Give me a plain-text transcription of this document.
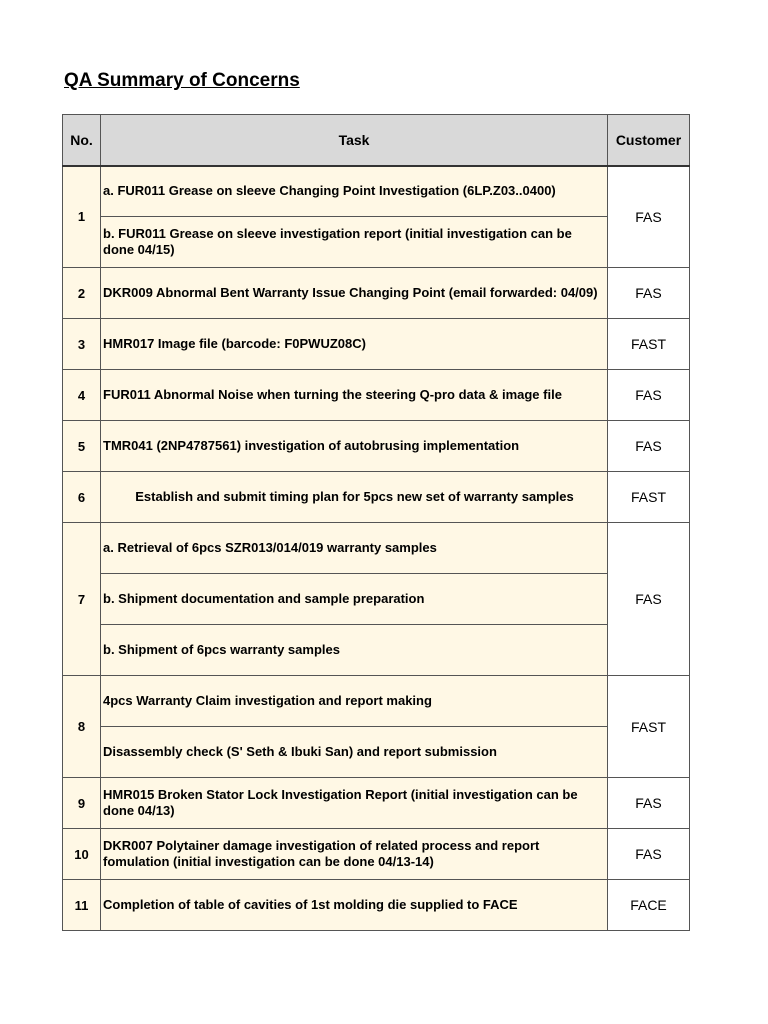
QA Summary of Concerns
No.	Task	Customer
1	a. FUR011 Grease on sleeve Changing Point Investigation (6LP.Z03..0400)	FAS
	b. FUR011 Grease on sleeve investigation report (initial investigation can be done 04/15)	
2	DKR009 Abnormal Bent Warranty Issue Changing Point (email forwarded: 04/09)	FAS
3	HMR017 Image file (barcode: F0PWUZ08C)	FAST
4	FUR011 Abnormal Noise when turning the steering Q-pro data & image file	FAS
5	TMR041 (2NP4787561) investigation of autobrusing implementation	FAS
6	Establish and submit timing plan for 5pcs new set of warranty samples	FAST
7	a. Retrieval of 6pcs SZR013/014/019 warranty samples	FAS
	b. Shipment documentation and sample preparation	
	b. Shipment of 6pcs warranty samples	
8	4pcs Warranty Claim investigation and report making	FAST
	Disassembly check (S' Seth & Ibuki San) and report submission	
9	HMR015 Broken Stator Lock Investigation Report (initial investigation can be done 04/13)	FAS
10	DKR007 Polytainer damage investigation of related process and report fomulation (initial investigation can be done 04/13-14)	FAS
11	Completion of table of cavities of 1st molding die supplied to FACE	FACE
